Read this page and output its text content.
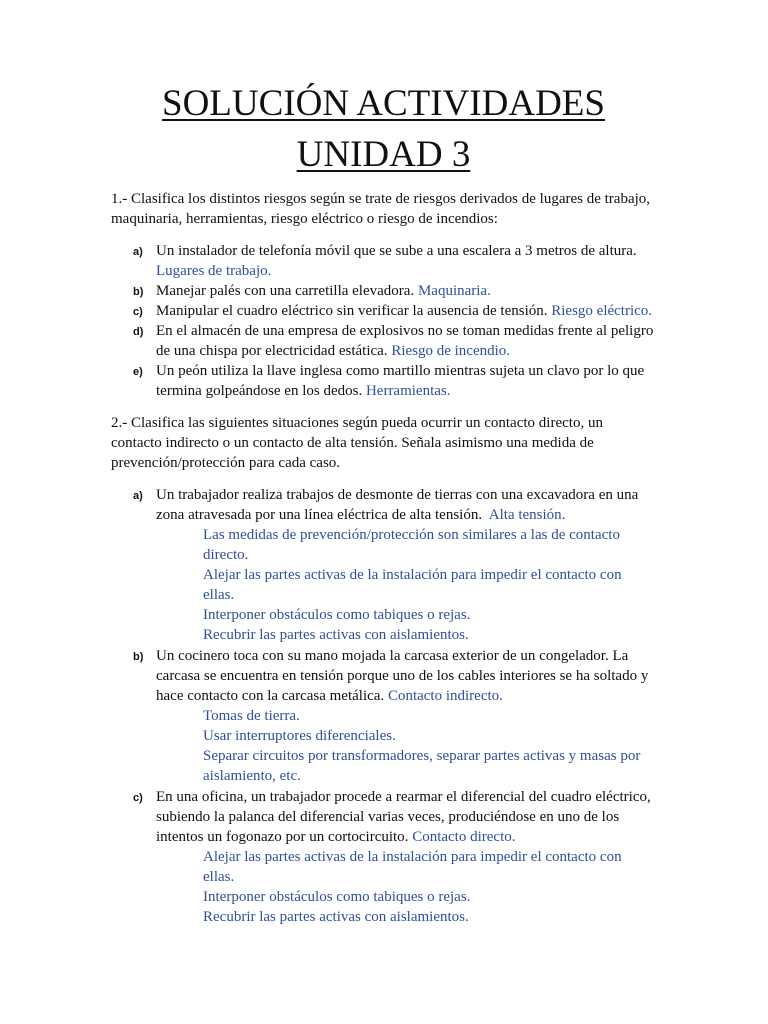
SOLUCIÓN ACTIVIDADES
UNIDAD 3

1.- Clasifica los distintos riesgos según se trate de riesgos derivados de lugares de trabajo, maquinaria, herramientas, riesgo eléctrico o riesgo de incendios:

a) Un instalador de telefonía móvil que se sube a una escalera a 3 metros de altura. Lugares de trabajo.
b) Manejar palés con una carretilla elevadora. Maquinaria.
c) Manipular el cuadro eléctrico sin verificar la ausencia de tensión. Riesgo eléctrico.
d) En el almacén de una empresa de explosivos no se toman medidas frente al peligro de una chispa por electricidad estática. Riesgo de incendio.
e) Un peón utiliza la llave inglesa como martillo mientras sujeta un clavo por lo que termina golpeándose en los dedos. Herramientas.

2.- Clasifica las siguientes situaciones según pueda ocurrir un contacto directo, un contacto indirecto o un contacto de alta tensión. Señala asimismo una medida de prevención/protección para cada caso.

a) Un trabajador realiza trabajos de desmonte de tierras con una excavadora en una zona atravesada por una línea eléctrica de alta tensión. Alta tensión.
Las medidas de prevención/protección son similares a las de contacto directo.
Alejar las partes activas de la instalación para impedir el contacto con ellas.
Interponer obstáculos como tabiques o rejas.
Recubrir las partes activas con aislamientos.
b) Un cocinero toca con su mano mojada la carcasa exterior de un congelador. La carcasa se encuentra en tensión porque uno de los cables interiores se ha soltado y hace contacto con la carcasa metálica. Contacto indirecto.
Tomas de tierra.
Usar interruptores diferenciales.
Separar circuitos por transformadores, separar partes activas y masas por aislamiento, etc.
c) En una oficina, un trabajador procede a rearmar el diferencial del cuadro eléctrico, subiendo la palanca del diferencial varias veces, produciéndose en uno de los intentos un fogonazo por un cortocircuito. Contacto directo.
Alejar las partes activas de la instalación para impedir el contacto con ellas.
Interponer obstáculos como tabiques o rejas.
Recubrir las partes activas con aislamientos.
